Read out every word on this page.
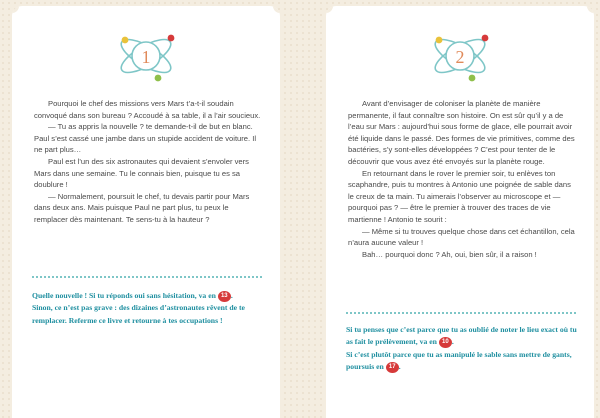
1

Pourquoi le chef des missions vers Mars t’a-t-il soudain convoqué dans son bureau ? Accoudé à sa table, il a l’air soucieux.

— Tu as appris la nouvelle ? te demande-t-il de but en blanc. Paul s’est cassé une jambe dans un stupide accident de voiture. Il ne part plus…

Paul est l’un des six astronautes qui devaient s’envoler vers Mars dans une semaine. Tu le connais bien, puisque tu es sa doublure !

— Normalement, poursuit le chef, tu devais partir pour Mars dans deux ans. Mais puisque Paul ne part plus, tu peux le remplacer dès maintenant. Te sens-tu à la hauteur ?

Quelle nouvelle ! Si tu réponds oui sans hésitation, va en 13 .

Sinon, ce n’est pas grave : des dizaines d’astronautes rêvent de te remplacer. Referme ce livre et retourne à tes occupations !

2

Avant d’envisager de coloniser la planète de manière permanente, il faut connaître son histoire. On est sûr qu’il y a de l’eau sur Mars : aujourd’hui sous forme de glace, elle pourrait avoir été liquide dans le passé. Des formes de vie primitives, comme des bactéries, s’y sont-elles développées ? C’est pour tenter de le découvrir que vous avez été envoyés sur la planète rouge.

En retournant dans le rover le premier soir, tu enlèves ton scaphandre, puis tu montres à Antonio une poignée de sable dans le creux de ta main. Tu aimerais l’observer au microscope et — pourquoi pas ? — être le premier à trouver des traces de vie martienne ! Antonio te sourit :

— Même si tu trouves quelque chose dans cet échantillon, cela n’aura aucune valeur !

Bah… pourquoi donc ? Ah, oui, bien sûr, il a raison !

Si tu penses que c’est parce que tu as oublié de noter le lieu exact où tu as fait le prélèvement, va en 10 .

Si c’est plutôt parce que tu as manipulé le sable sans mettre de gants, poursuis en 17 .
